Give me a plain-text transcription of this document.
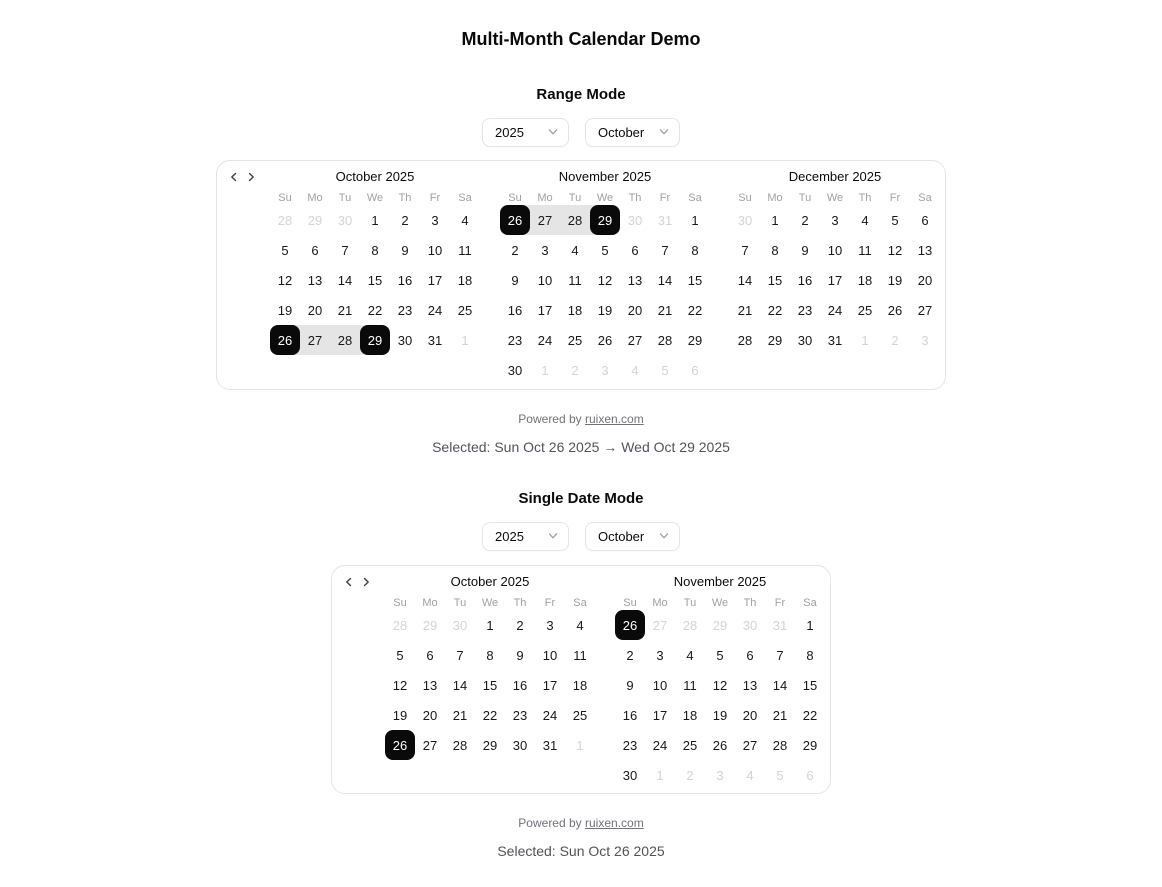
Multi-Month Calendar Demo
Range Mode
2025	October
October 2025
Su	Mo	Tu	We	Th	Fr	Sa
28	29	30	1	2	3	4
5	6	7	8	9	10	11
12	13	14	15	16	17	18
19	20	21	22	23	24	25
26	27	28	29	30	31	1
November 2025
Su	Mo	Tu	We	Th	Fr	Sa
26	27	28	29	30	31	1
2	3	4	5	6	7	8
9	10	11	12	13	14	15
16	17	18	19	20	21	22
23	24	25	26	27	28	29
30	1	2	3	4	5	6
December 2025
Su	Mo	Tu	We	Th	Fr	Sa
30	1	2	3	4	5	6
7	8	9	10	11	12	13
14	15	16	17	18	19	20
21	22	23	24	25	26	27
28	29	30	31	1	2	3
Powered by ruixen.com
Selected: Sun Oct 26 2025 → Wed Oct 29 2025
Single Date Mode
2025	October
October 2025
Su	Mo	Tu	We	Th	Fr	Sa
28	29	30	1	2	3	4
5	6	7	8	9	10	11
12	13	14	15	16	17	18
19	20	21	22	23	24	25
26	27	28	29	30	31	1
November 2025
Su	Mo	Tu	We	Th	Fr	Sa
26	27	28	29	30	31	1
2	3	4	5	6	7	8
9	10	11	12	13	14	15
16	17	18	19	20	21	22
23	24	25	26	27	28	29
30	1	2	3	4	5	6
Powered by ruixen.com
Selected: Sun Oct 26 2025
